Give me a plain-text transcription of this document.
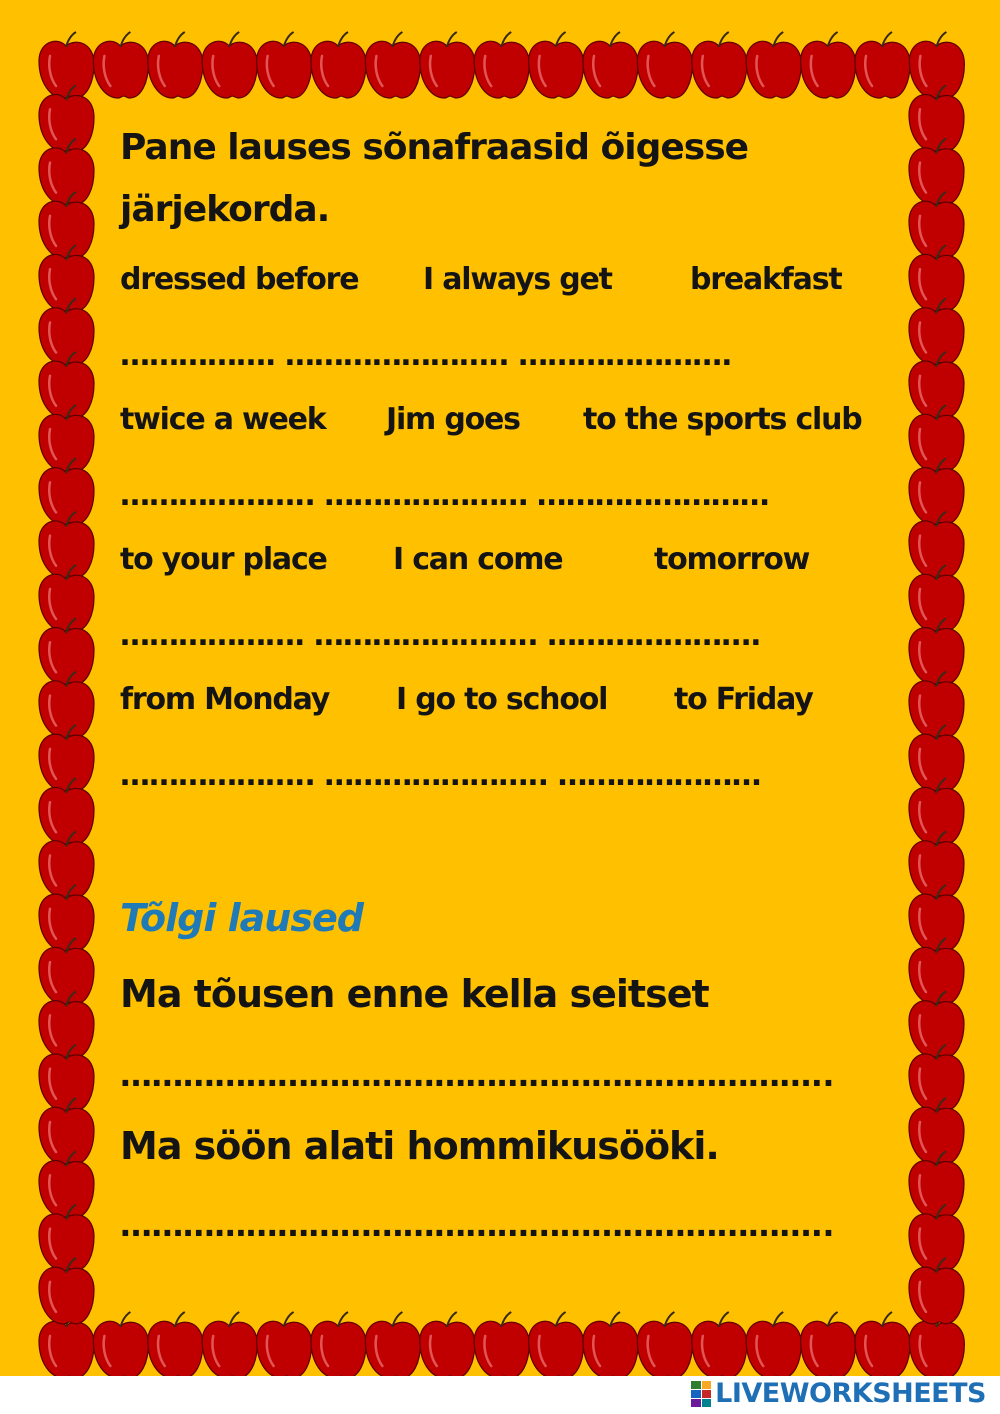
Pane lauses sõnafraasid õigesse
järjekorda.
dressed before I always get	breakfast
……………. ………………….. ………………….
twice a week Jim goes to the sports club
……………….. ………………… ……………………
to your place I can come	tomorrow
………………. ………………….. ………………….
from Monday I go to school to Friday
……………….. ………………….. …………………
Tõlgi laused
Ma tõusen enne kella seitset
…………………………………………………………..
Ma söön alati hommikusööki.
…………………………………………………………..
LIVEWORKSHEETS
